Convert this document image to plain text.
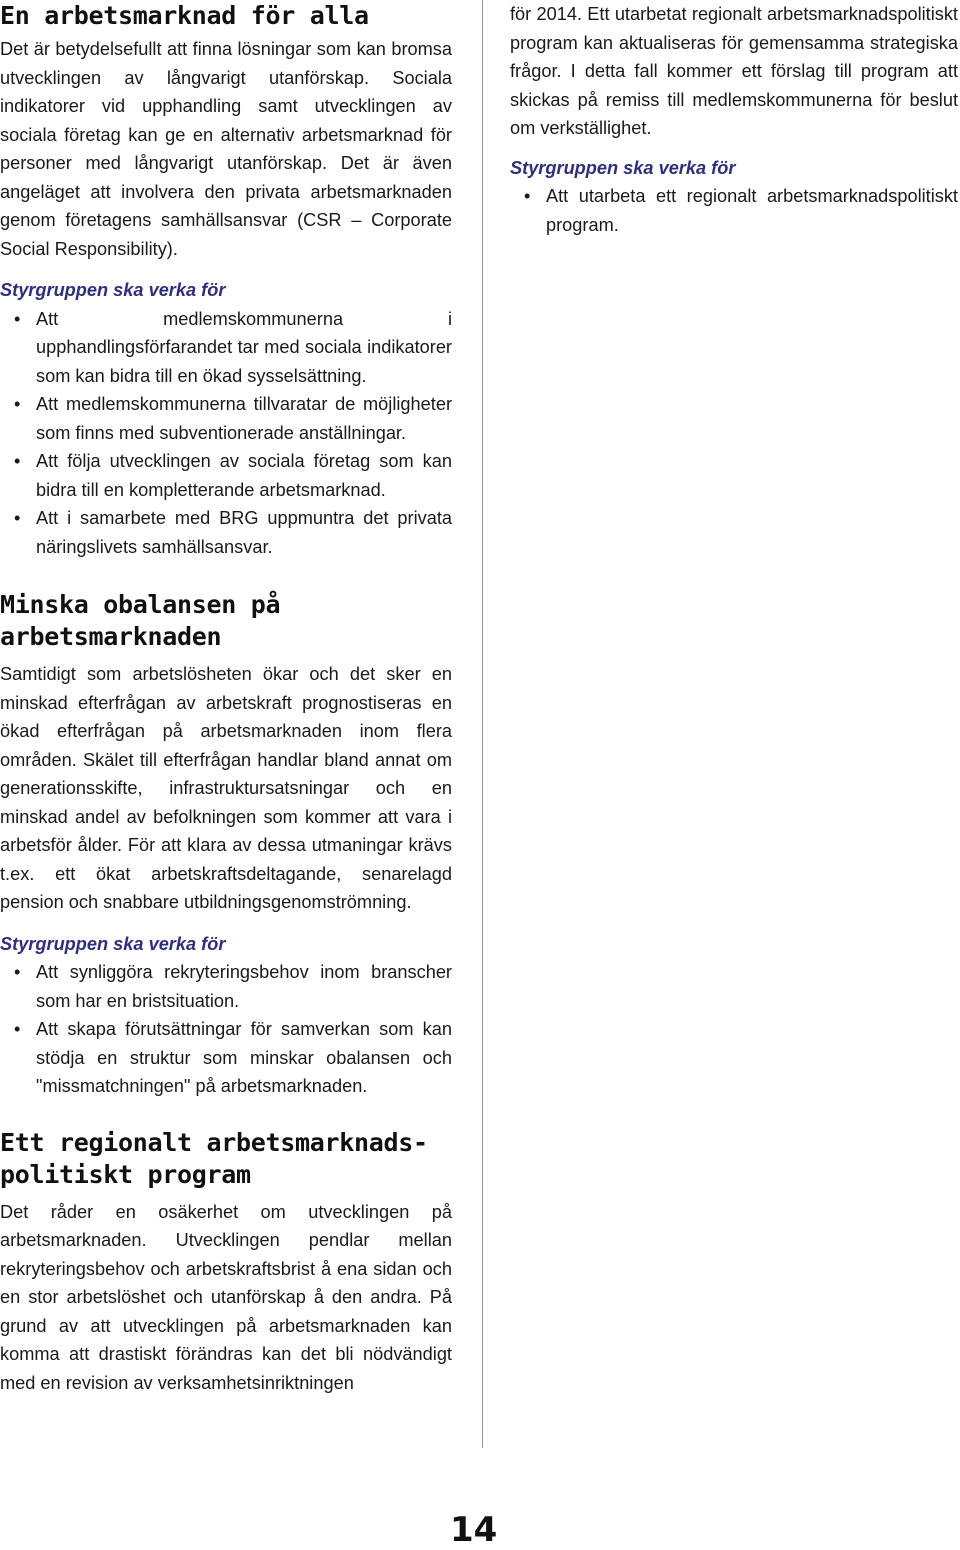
En arbetsmarknad för alla

Det är betydelsefullt att finna lösningar som kan bromsa utvecklingen av långvarigt utanförskap. Sociala indikatorer vid upphandling samt utvecklingen av sociala företag kan ge en alternativ arbetsmarknad för personer med långvarigt utanförskap. Det är även angeläget att involvera den privata arbetsmarknaden genom företagens samhällsansvar (CSR – Corporate Social Responsibility).

Styrgruppen ska verka för
• Att medlemskommunerna i upphandlingsförfarandet tar med sociala indikatorer som kan bidra till en ökad sysselsättning.
• Att medlemskommunerna tillvaratar de möjligheter som finns med subventionerade anställningar.
• Att följa utvecklingen av sociala företag som kan bidra till en kompletterande arbetsmarknad.
• Att i samarbete med BRG uppmuntra det privata näringslivets samhällsansvar.
Minska obalansen på
arbetsmarknaden

Samtidigt som arbetslösheten ökar och det sker en minskad efterfrågan av arbetskraft prognostiseras en ökad efterfrågan på arbetsmarknaden inom flera områden. Skälet till efterfrågan handlar bland annat om generationsskifte, infrastruktursatsningar och en minskad andel av befolkningen som kommer att vara i arbetsför ålder. För att klara av dessa utmaningar krävs t.ex. ett ökat arbetskraftsdeltagande, senarelagd pension och snabbare utbildningsgenomströmning.

Styrgruppen ska verka för
• Att synliggöra rekryteringsbehov inom branscher som har en bristsituation.
• Att skapa förutsättningar för samverkan som kan stödja en struktur som minskar obalansen och "missmatchningen" på arbetsmarknaden.
Ett regionalt arbetsmarknads-
politiskt program

Det råder en osäkerhet om utvecklingen på arbetsmarknaden. Utvecklingen pendlar mellan rekryteringsbehov och arbetskraftsbrist å ena sidan och en stor arbetslöshet och utanförskap å den andra. På grund av att utvecklingen på arbetsmarknaden kan komma att drastiskt förändras kan det bli nödvändigt med en revision av verksamhetsinriktningen

för 2014. Ett utarbetat regionalt arbetsmarknadspolitiskt program kan aktualiseras för gemensamma strategiska frågor. I detta fall kommer ett förslag till program att skickas på remiss till medlemskommunerna för beslut om verkställighet.

Styrgruppen ska verka för
• Att utarbeta ett regionalt arbetsmarknadspolitiskt program.
14
